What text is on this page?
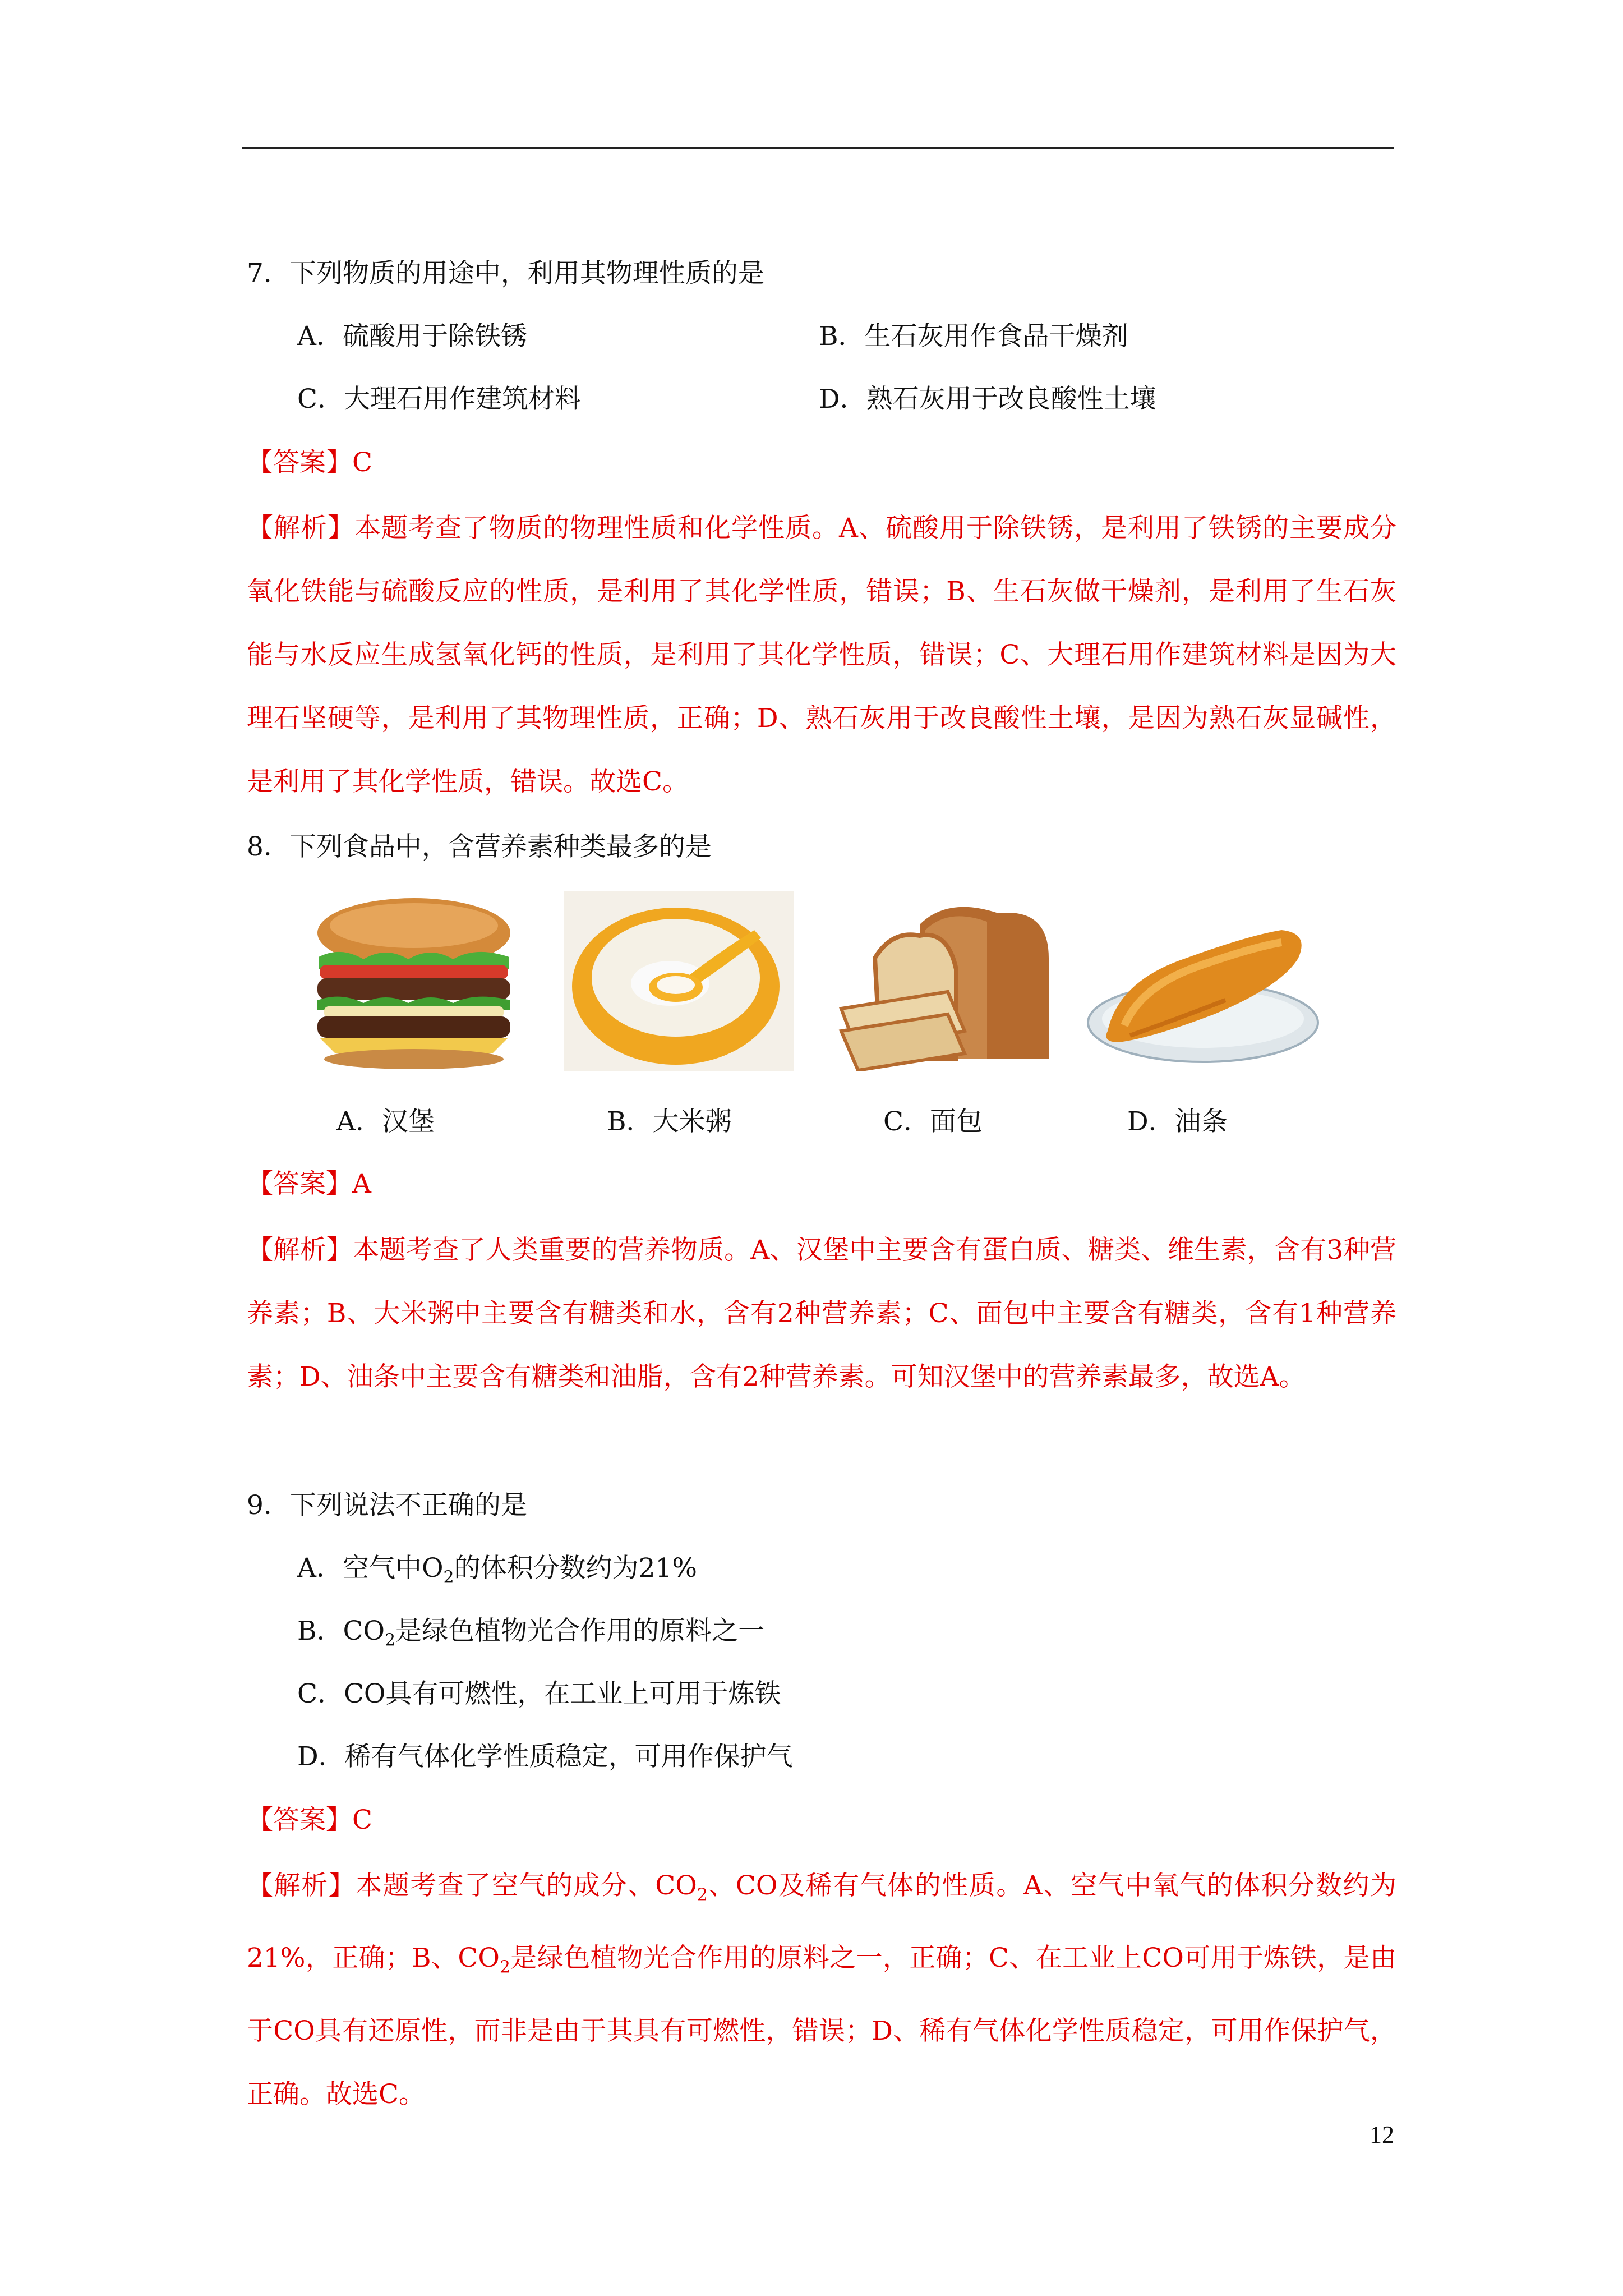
7．下列物质的用途中，利用其物理性质的是
A．硫酸用于除铁锈	B．生石灰用作食品干燥剂
C．大理石用作建筑材料	D．熟石灰用于改良酸性土壤
【答案】C
【解析】本题考查了物质的物理性质和化学性质。A、硫酸用于除铁锈，是利用了铁锈的主要成分氧化铁能与硫酸反应的性质，是利用了其化学性质，错误；B、生石灰做干燥剂，是利用了生石灰能与水反应生成氢氧化钙的性质，是利用了其化学性质，错误；C、大理石用作建筑材料是因为大理石坚硬等，是利用了其物理性质，正确；D、熟石灰用于改良酸性土壤，是因为熟石灰显碱性，是利用了其化学性质，错误。故选C。
8．下列食品中，含营养素种类最多的是
A．汉堡	B．大米粥	C．面包	D．油条
【答案】A
【解析】本题考查了人类重要的营养物质。A、汉堡中主要含有蛋白质、糖类、维生素，含有3种营养素；B、大米粥中主要含有糖类和水，含有2种营养素；C、面包中主要含有糖类，含有1种营养素；D、油条中主要含有糖类和油脂，含有2种营养素。可知汉堡中的营养素最多，故选A。
9．下列说法不正确的是
A．空气中$O_2$的体积分数约为21%
B．$CO_2$是绿色植物光合作用的原料之一
C．CO具有可燃性，在工业上可用于炼铁
D．稀有气体化学性质稳定，可用作保护气
【答案】C
【解析】本题考查了空气的成分、$CO_2$、CO及稀有气体的性质。A、空气中氧气的体积分数约为21%，正确；B、$CO_2$是绿色植物光合作用的原料之一，正确；C、在工业上CO可用于炼铁，是由于CO具有还原性，而非是由于其具有可燃性，错误；D、稀有气体化学性质稳定，可用作保护气，正确。故选C。
12
